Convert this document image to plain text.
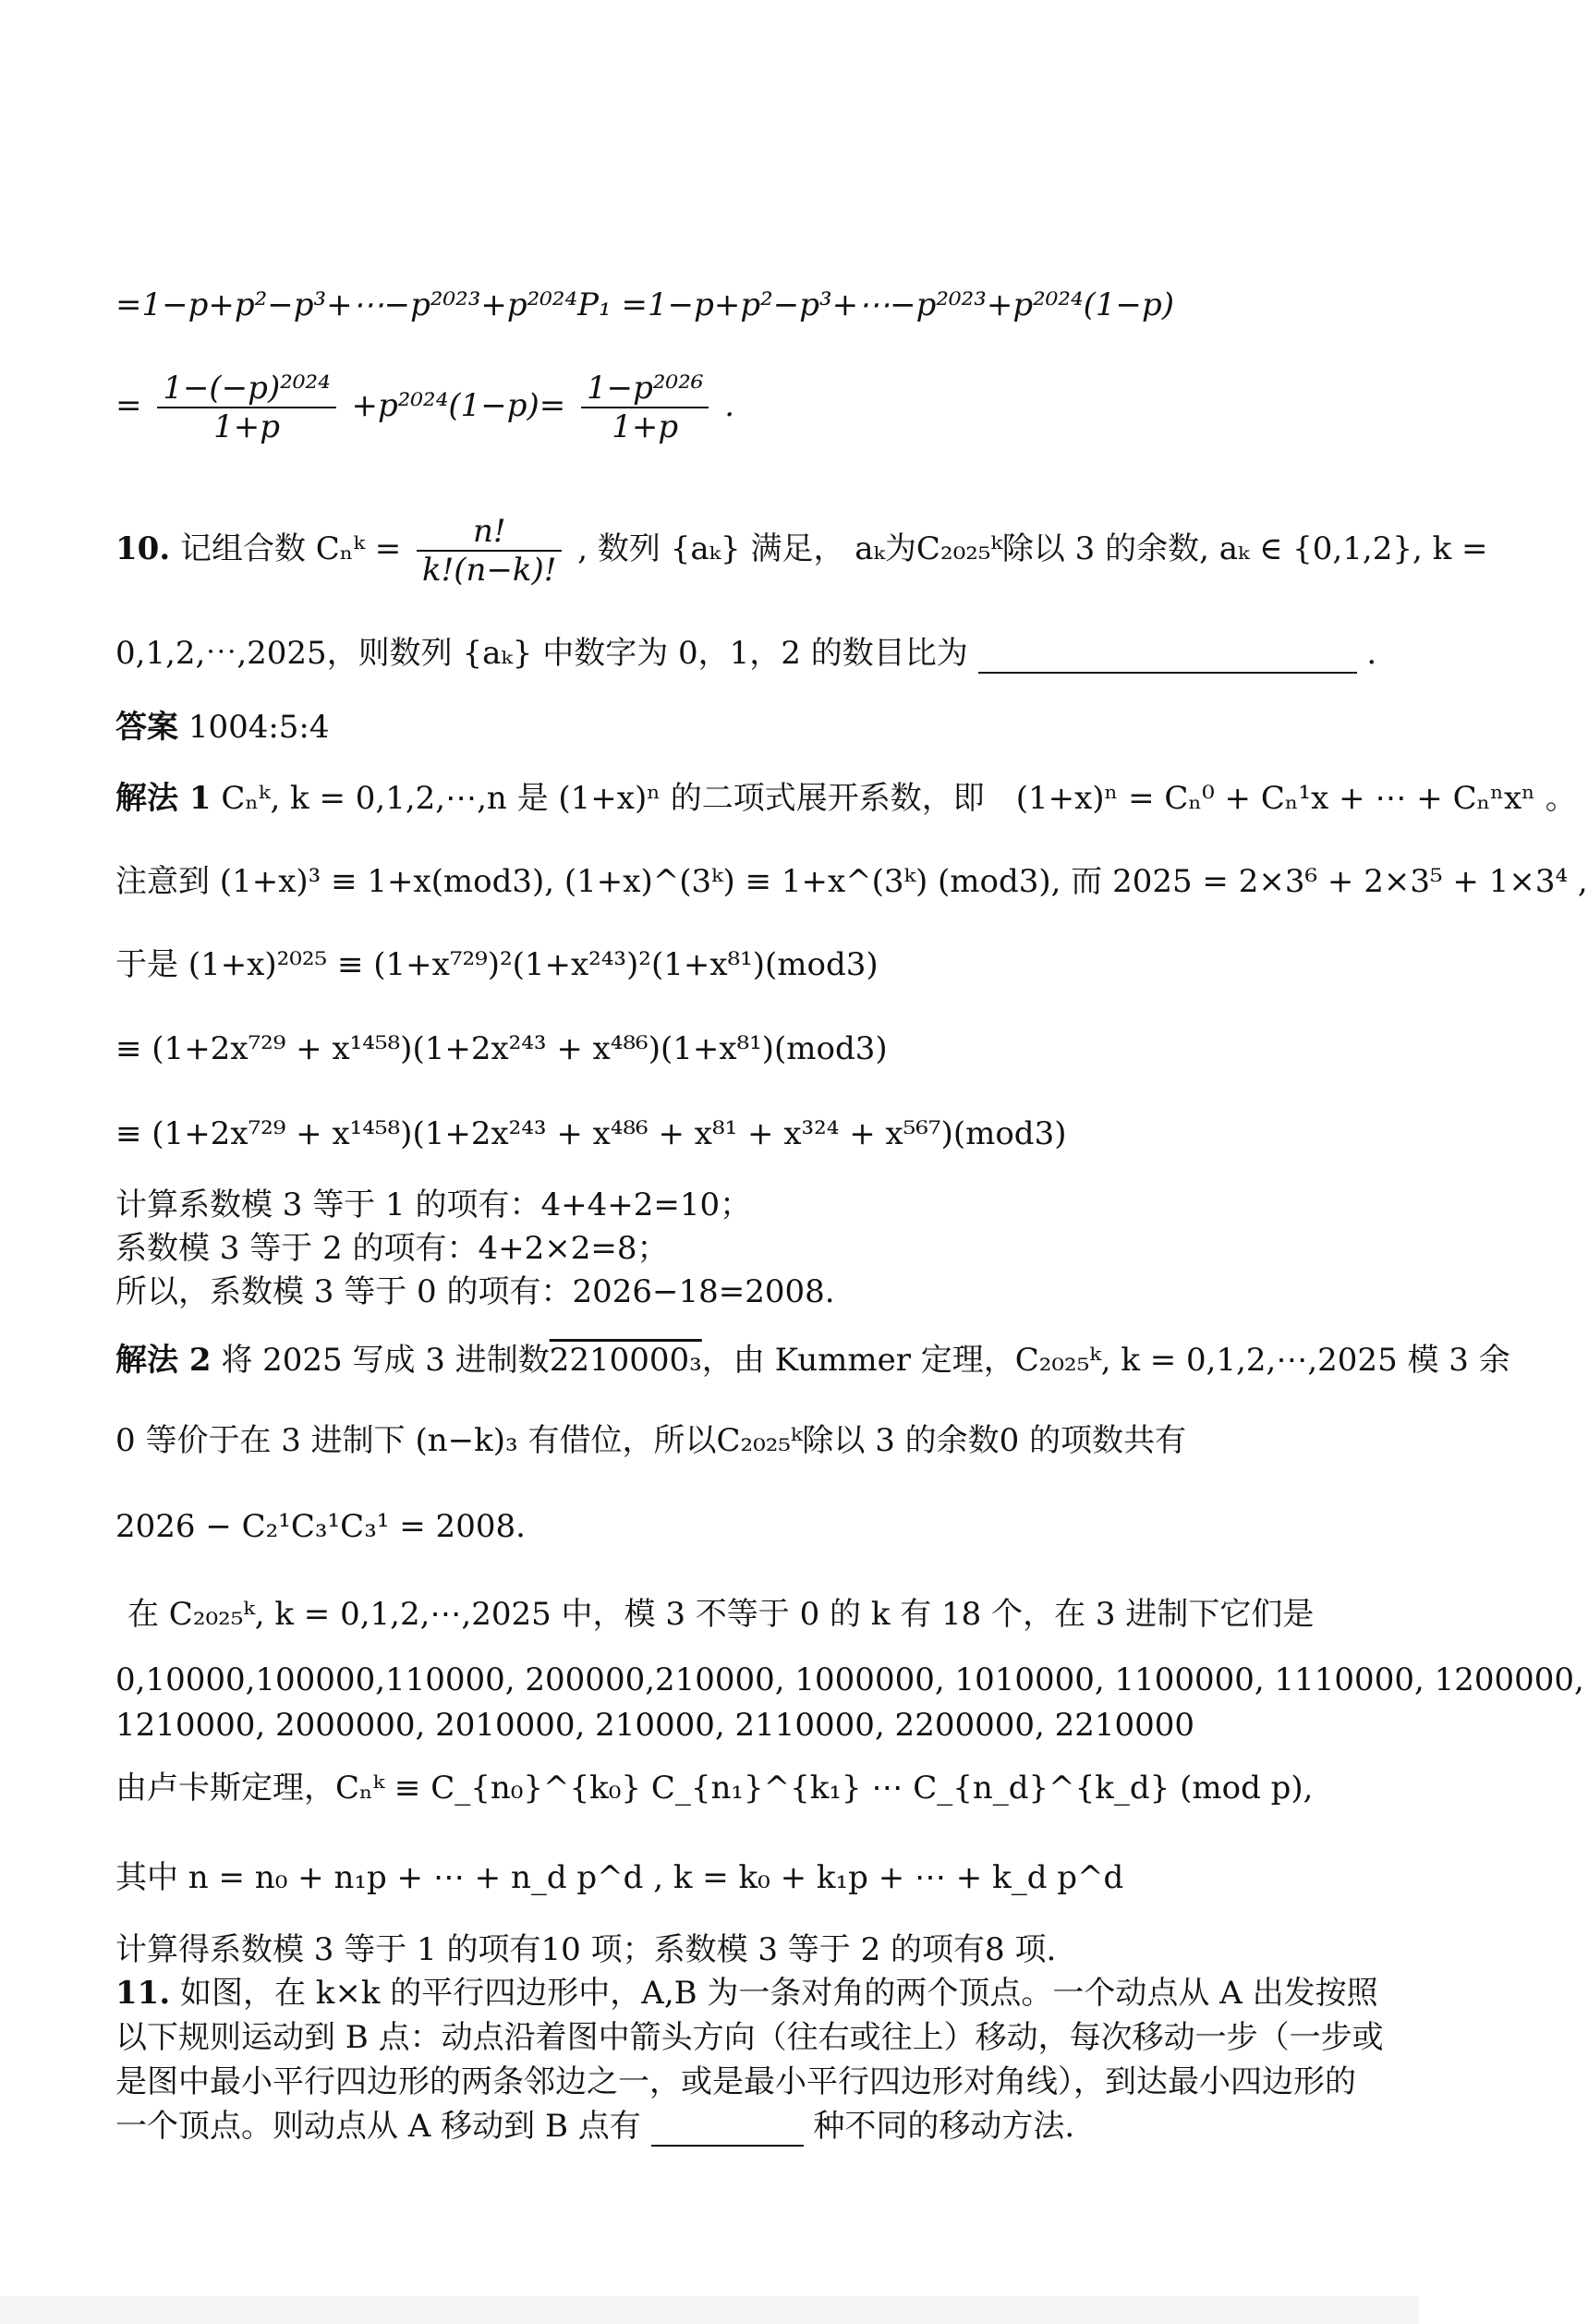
=1−p+p²−p³+⋯−p²⁰²³+p²⁰²⁴P₁ =1−p+p²−p³+⋯−p²⁰²³+p²⁰²⁴(1−p)
= $\frac{\text{1−(−p)²⁰²⁴}}{1+p} +p^{2024}(1-p)= \frac{\text{1−p²⁰²⁶}}{1+p}$ .
10. 记组合数 Cₙᵏ = $\frac{n!}{k!(n-k)!}$ , 数列 {aₖ} 满足， aₖ为C₂₀₂₅ᵏ除以 3 的余数, aₖ ∈ {0,1,2}, k =
0,1,2,⋯,2025，则数列 {aₖ} 中数字为 0，1，2 的数目比为	.
答案 1004:5:4
解法 1 Cₙᵏ, k = 0,1,2,⋯,n 是 (1+x)ⁿ 的二项式展开系数，即　(1+x)ⁿ = Cₙ⁰ + Cₙ¹x + ⋯ + Cₙⁿxⁿ 。
注意到 (1+x)³ ≡ 1+x(mod3), (1+x)^(3ᵏ) ≡ 1+x^(3ᵏ) (mod3), 而 2025 = 2×3⁶ + 2×3⁵ + 1×3⁴ ,
于是 (1+x)²⁰²⁵ ≡ (1+x⁷²⁹)²(1+x²⁴³)²(1+x⁸¹)(mod3)
≡ (1+2x⁷²⁹ + x¹⁴⁵⁸)(1+2x²⁴³ + x⁴⁸⁶)(1+x⁸¹)(mod3)
≡ (1+2x⁷²⁹ + x¹⁴⁵⁸)(1+2x²⁴³ + x⁴⁸⁶ + x⁸¹ + x³²⁴ + x⁵⁶⁷)(mod3)
计算系数模 3 等于 1 的项有：4+4+2=10；
系数模 3 等于 2 的项有：4+2×2=8；
所以，系数模 3 等于 0 的项有：2026−18=2008.
解法 2 将 2025 写成 3 进制数2210000₃，由 Kummer 定理，C₂₀₂₅ᵏ, k = 0,1,2,⋯,2025 模 3 余
0 等价于在 3 进制下 (n−k)₃ 有借位，所以C₂₀₂₅ᵏ除以 3 的余数0 的项数共有
2026 − C₂¹C₃¹C₃¹ = 2008.
在 C₂₀₂₅ᵏ, k = 0,1,2,⋯,2025 中，模 3 不等于 0 的 k 有 18 个，在 3 进制下它们是
0,10000,100000,110000, 200000,210000, 1000000, 1010000, 1100000, 1110000, 1200000,
1210000, 2000000, 2010000, 210000, 2110000, 2200000, 2210000
由卢卡斯定理，Cₙᵏ ≡ C_{n₀}^{k₀} C_{n₁}^{k₁} ⋯ C_{n_d}^{k_d} (mod p),
其中 n = n₀ + n₁p + ⋯ + n_d p^d , k = k₀ + k₁p + ⋯ + k_d p^d
计算得系数模 3 等于 1 的项有10 项；系数模 3 等于 2 的项有8 项.
11. 如图，在 k×k 的平行四边形中，A,B 为一条对角的两个顶点。一个动点从 A 出发按照
以下规则运动到 B 点：动点沿着图中箭头方向（往右或往上）移动，每次移动一步（一步或
是图中最小平行四边形的两条邻边之一，或是最小平行四边形对角线），到达最小四边形的
一个顶点。则动点从 A 移动到 B 点有	种不同的移动方法.
